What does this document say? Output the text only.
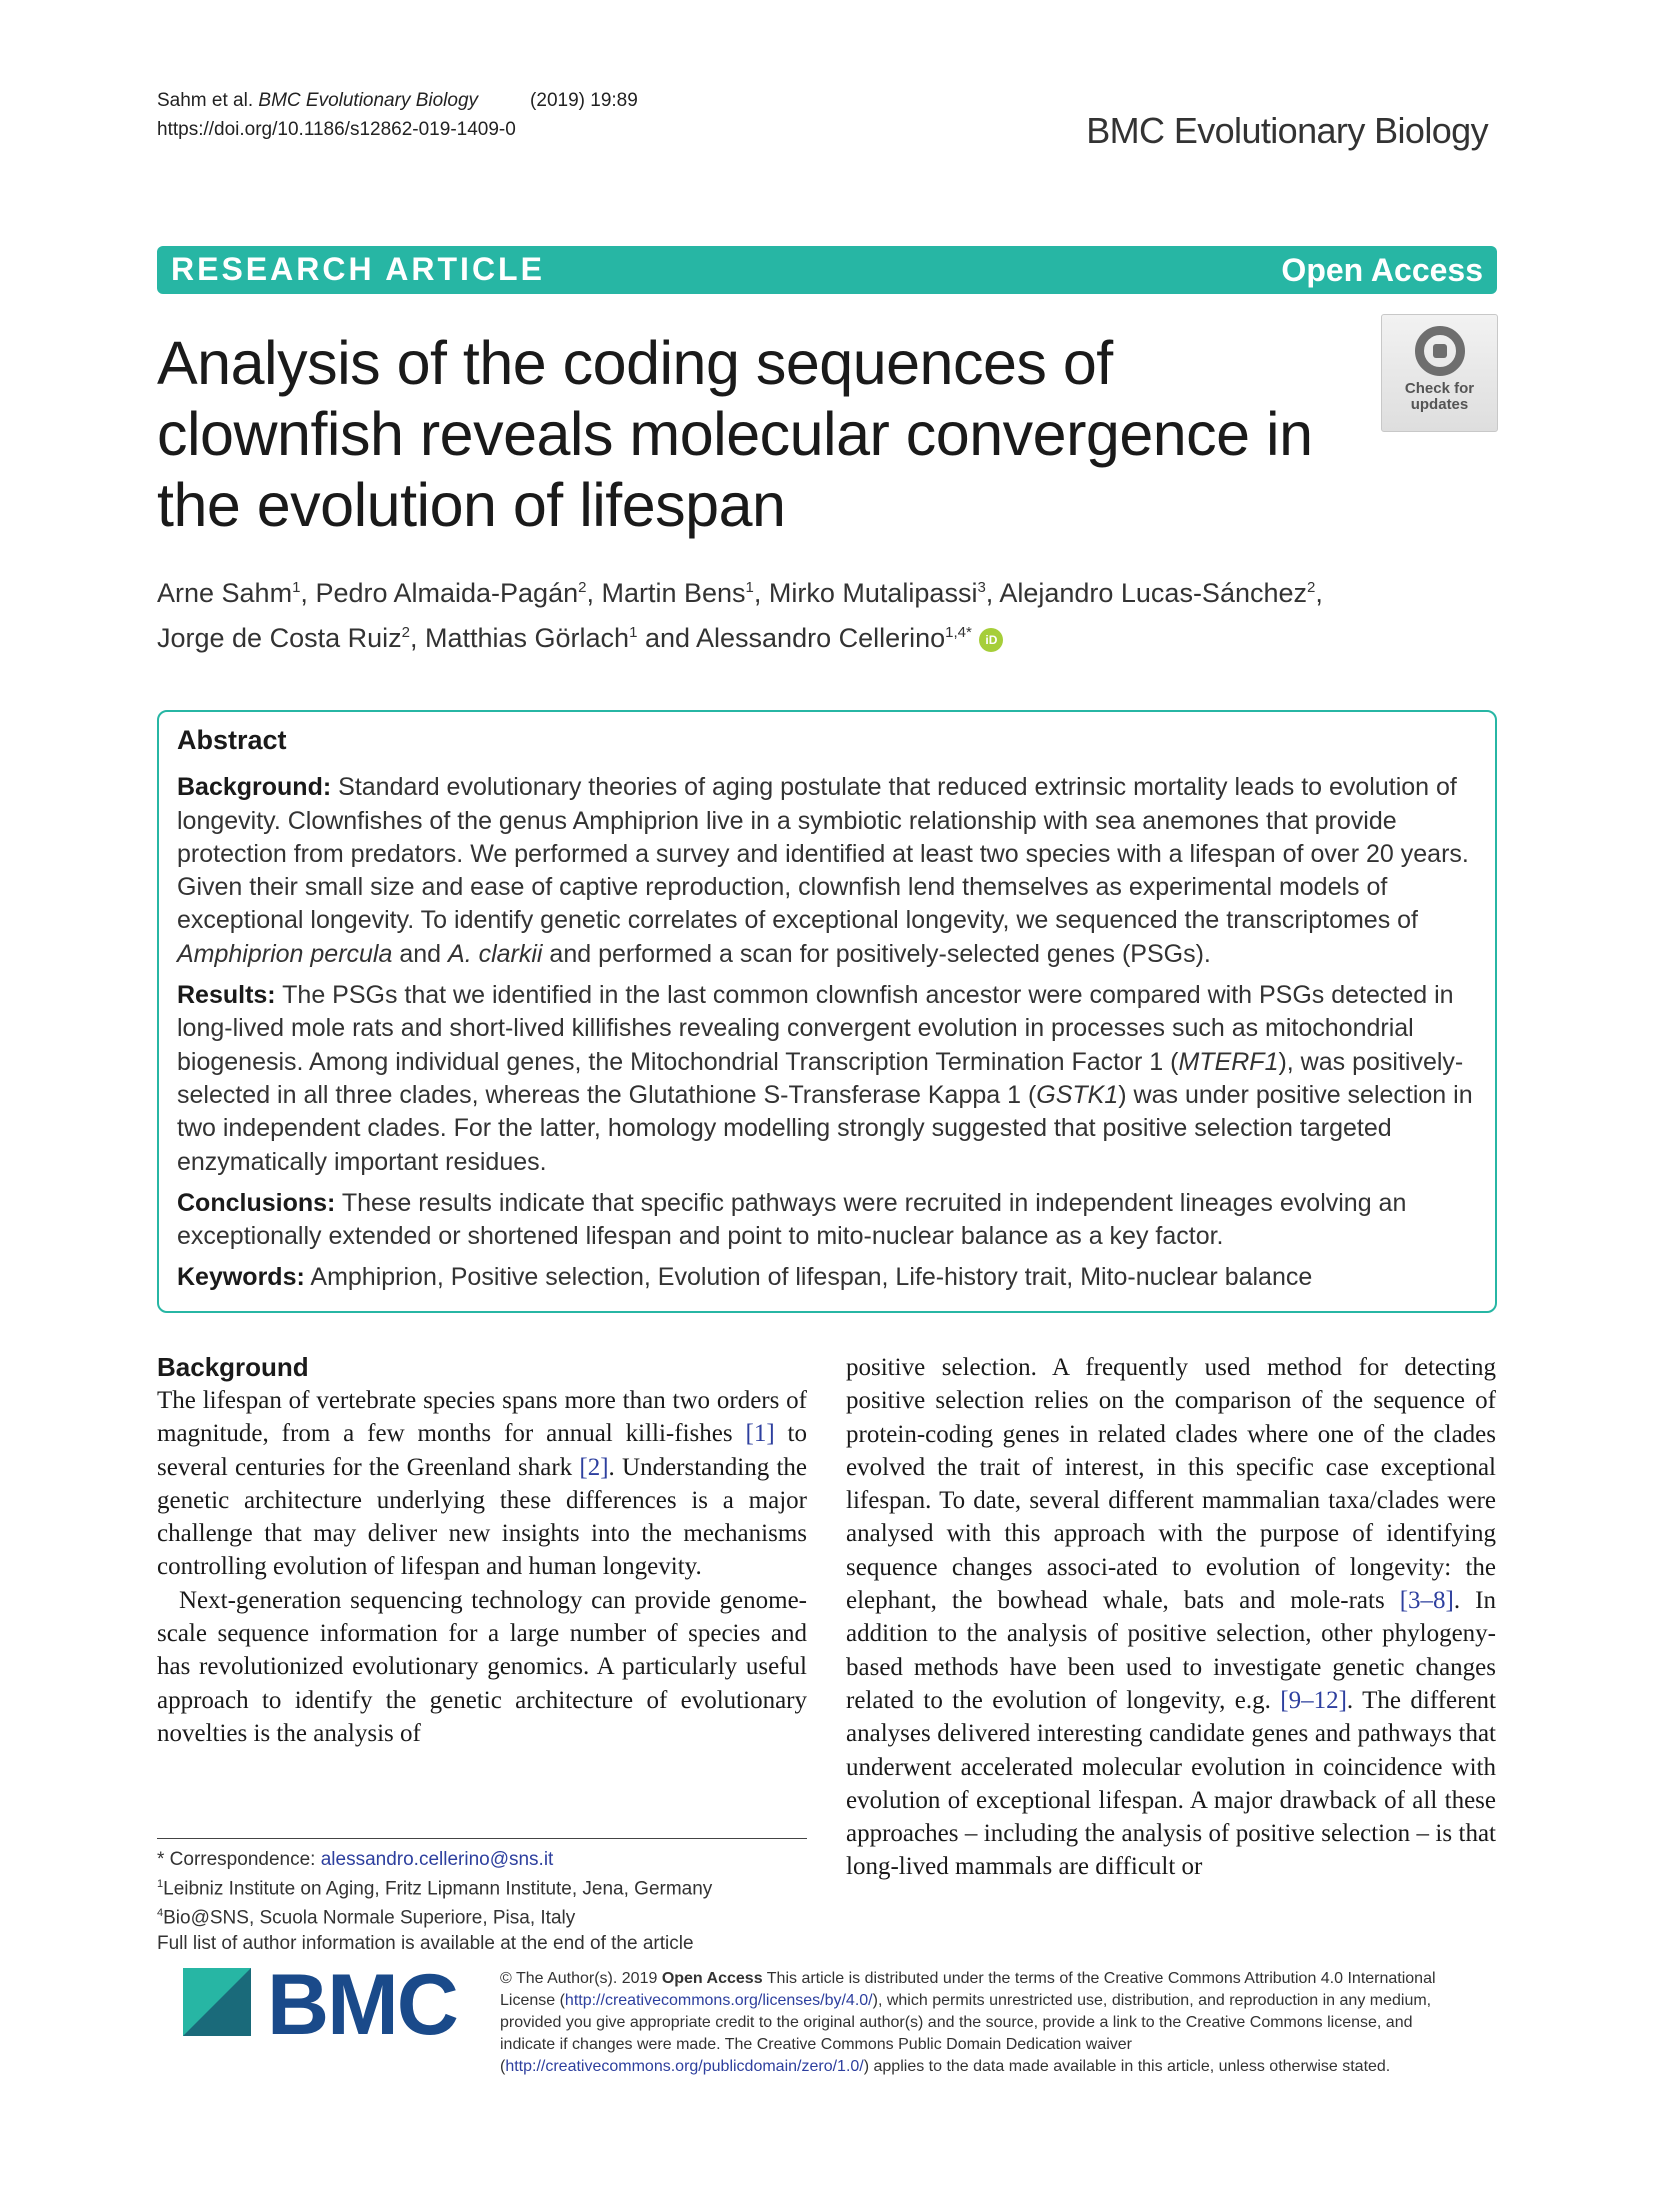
Sahm et al. BMC Evolutionary Biology	(2019) 19:89
https://doi.org/10.1186/s12862-019-1409-0	BMC Evolutionary Biology
RESEARCH ARTICLE	Open Access
Analysis of the coding sequences of clownfish reveals molecular convergence in the evolution of lifespan
Check for updates
Arne Sahm$^1$, Pedro Almaida-Pagán$^2$, Martin Bens$^1$, Mirko Mutalipassi$^3$, Alejandro Lucas-Sánchez$^2$,
Jorge de Costa Ruiz$^2$, Matthias Görlach$^1$ and Alessandro Cellerino$^{1,4*}$ iD
Abstract

Background: Standard evolutionary theories of aging postulate that reduced extrinsic mortality leads to evolution of longevity. Clownfishes of the genus Amphiprion live in a symbiotic relationship with sea anemones that provide protection from predators. We performed a survey and identified at least two species with a lifespan of over 20 years. Given their small size and ease of captive reproduction, clownfish lend themselves as experimental models of exceptional longevity. To identify genetic correlates of exceptional longevity, we sequenced the transcriptomes of Amphiprion percula and A. clarkii and performed a scan for positively-selected genes (PSGs).

Results: The PSGs that we identified in the last common clownfish ancestor were compared with PSGs detected in long-lived mole rats and short-lived killifishes revealing convergent evolution in processes such as mitochondrial biogenesis. Among individual genes, the Mitochondrial Transcription Termination Factor 1 (MTERF1), was positively-selected in all three clades, whereas the Glutathione S-Transferase Kappa 1 (GSTK1) was under positive selection in two independent clades. For the latter, homology modelling strongly suggested that positive selection targeted enzymatically important residues.

Conclusions: These results indicate that specific pathways were recruited in independent lineages evolving an exceptionally extended or shortened lifespan and point to mito-nuclear balance as a key factor.

Keywords: Amphiprion, Positive selection, Evolution of lifespan, Life-history trait, Mito-nuclear balance

Background

The lifespan of vertebrate species spans more than two orders of magnitude, from a few months for annual killi-fishes [1] to several centuries for the Greenland shark [2]. Understanding the genetic architecture underlying these differences is a major challenge that may deliver new insights into the mechanisms controlling evolution of lifespan and human longevity.

Next-generation sequencing technology can provide genome-scale sequence information for a large number of species and has revolutionized evolutionary genomics. A particularly useful approach to identify the genetic architecture of evolutionary novelties is the analysis of

positive selection. A frequently used method for detecting positive selection relies on the comparison of the sequence of protein-coding genes in related clades where one of the clades evolved the trait of interest, in this specific case exceptional lifespan. To date, several different mammalian taxa/clades were analysed with this approach with the purpose of identifying sequence changes associ-ated to evolution of longevity: the elephant, the bowhead whale, bats and mole-rats [3–8]. In addition to the analysis of positive selection, other phylogeny-based methods have been used to investigate genetic changes related to the evolution of longevity, e.g. [9–12]. The different analyses delivered interesting candidate genes and pathways that underwent accelerated molecular evolution in coincidence with evolution of exceptional lifespan. A major drawback of all these approaches – including the analysis of positive selection – is that long-lived mammals are difficult or

* Correspondence: alessandro.cellerino@sns.it
$^1$Leibniz Institute on Aging, Fritz Lipmann Institute, Jena, Germany
$^4$Bio@SNS, Scuola Normale Superiore, Pisa, Italy
Full list of author information is available at the end of the article
BMC	© The Author(s). 2019 Open Access This article is distributed under the terms of the Creative Commons Attribution 4.0 International License (http://creativecommons.org/licenses/by/4.0/), which permits unrestricted use, distribution, and reproduction in any medium, provided you give appropriate credit to the original author(s) and the source, provide a link to the Creative Commons license, and indicate if changes were made. The Creative Commons Public Domain Dedication waiver (http://creativecommons.org/publicdomain/zero/1.0/) applies to the data made available in this article, unless otherwise stated.
